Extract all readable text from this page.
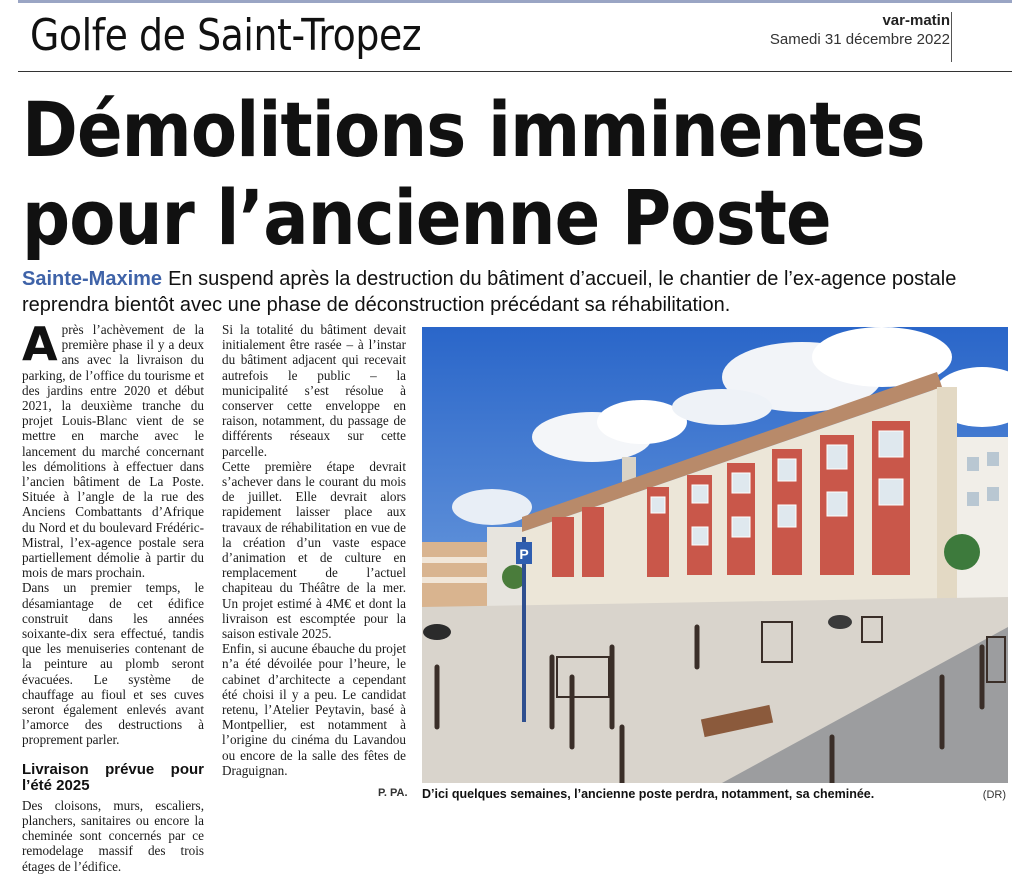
Golfe de Saint-Tropez	var-matin
Samedi 31 décembre 2022
Démolitions imminentes
pour l’ancienne Poste
Sainte-Maxime En suspend après la destruction du bâtiment d’accueil, le chantier de l’ex-agence postale reprendra bientôt avec une phase de déconstruction précédant sa réhabilitation.

Après l’achèvement de la première phase il y a deux ans avec la livraison du parking, de l’office du tourisme et des jardins entre 2020 et début 2021, la deuxième tranche du projet Louis-Blanc vient de se mettre en marche avec le lancement du marché concernant les démolitions à effectuer dans l’ancien bâtiment de La Poste. Située à l’angle de la rue des Anciens Combattants d’Afrique du Nord et du boulevard Frédéric-Mistral, l’ex-agence postale sera partiellement démolie à partir du mois de mars prochain.

Dans un premier temps, le désamiantage de cet édifice construit dans les années soixante-dix sera effectué, tandis que les menuiseries contenant de la peinture au plomb seront évacuées. Le système de chauffage au fioul et ses cuves seront également enlevés avant l’amorce des destructions à proprement parler.

Livraison prévue pour l’été 2025

Des cloisons, murs, escaliers, planchers, sanitaires ou encore la cheminée sont concernés par ce remodelage massif des trois étages de l’édifice.

Si la totalité du bâtiment devait initialement être rasée – à l’instar du bâtiment adjacent qui recevait autrefois le public – la municipalité s’est résolue à conserver cette enveloppe en raison, notamment, du passage de différents réseaux sur cette parcelle.

Cette première étape devrait s’achever dans le courant du mois de juillet. Elle devrait alors rapidement laisser place aux travaux de réhabilitation en vue de la création d’un vaste espace d’animation et de culture en remplacement de l’actuel chapiteau du Théâtre de la mer. Un projet estimé à 4M€ et dont la livraison est escomptée pour la saison estivale 2025.

Enfin, si aucune ébauche du projet n’a été dévoilée pour l’heure, le cabinet d’architecte a cependant été choisi il y a peu. Le candidat retenu, l’Atelier Peytavin, basé à Montpellier, est notamment à l’origine du cinéma du Lavandou ou encore de la salle des fêtes de Draguignan.

P. PA.
P
D’ici quelques semaines, l’ancienne poste perdra, notamment, sa cheminée.	(DR)
